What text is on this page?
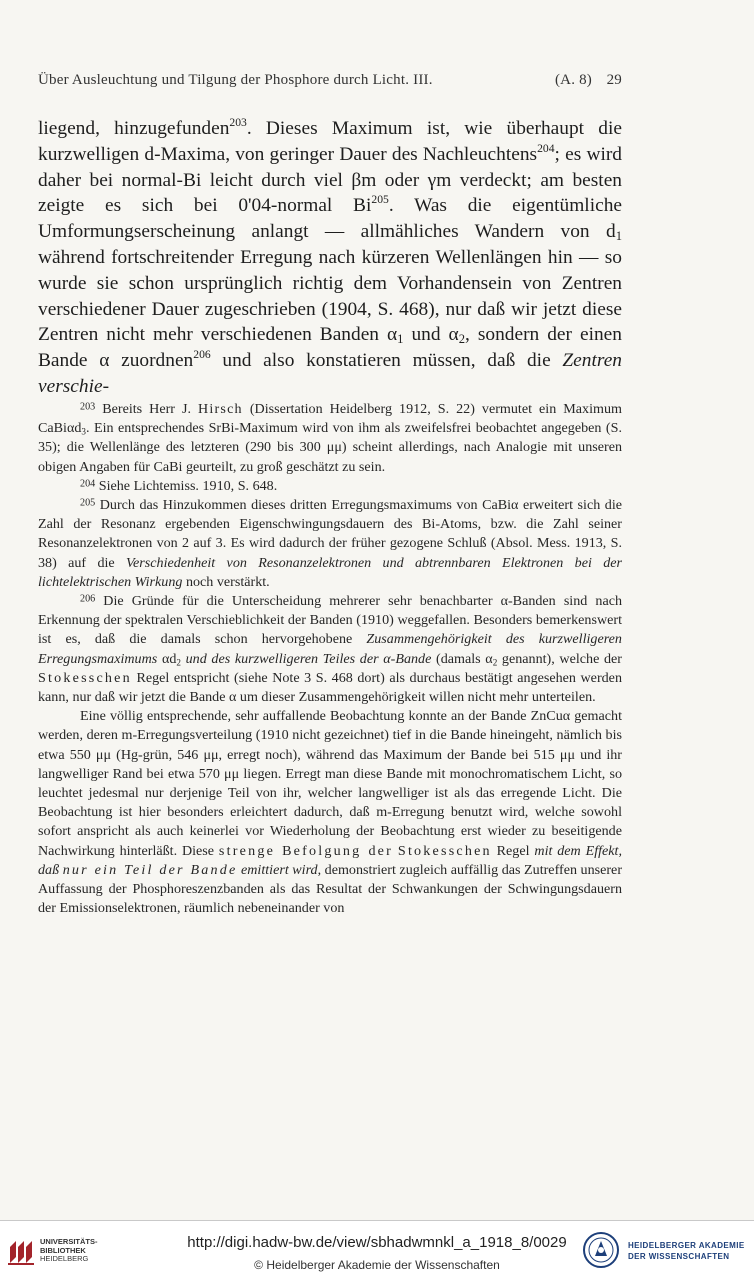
Über Ausleuchtung und Tilgung der Phosphore durch Licht. III.	(A. 8) 29

liegend, hinzugefunden$^{203}$. Dieses Maximum ist, wie überhaupt die kurzwelligen d-Maxima, von geringer Dauer des Nachleuchtens$^{204}$; es wird daher bei normal-Bi leicht durch viel βm oder γm verdeckt; am besten zeigte es sich bei 0'04-normal Bi$^{205}$. Was die eigentümliche Umformungserscheinung anlangt — allmähliches Wandern von $d_1$ während fortschreitender Erregung nach kürzeren Wellenlängen hin — so wurde sie schon ursprünglich richtig dem Vorhandensein von Zentren verschiedener Dauer zugeschrieben (1904, S. 468), nur daß wir jetzt diese Zentren nicht mehr verschiedenen Banden $\alpha_1$ und $\alpha_2$, sondern der einen Bande α zuordnen$^{206}$ und also konstatieren müssen, daß die Zentren verschie-

$^{203}$ Bereits Herr J. Hirsch (Dissertation Heidelberg 1912, S. 22) vermutet ein Maximum CaBiαd$_3$. Ein entsprechendes SrBi-Maximum wird von ihm als zweifelsfrei beobachtet angegeben (S. 35); die Wellenlänge des letzteren (290 bis 300 μμ) scheint allerdings, nach Analogie mit unseren obigen Angaben für CaBi geurteilt, zu groß geschätzt zu sein.

$^{204}$ Siehe Lichtemiss. 1910, S. 648.

$^{205}$ Durch das Hinzukommen dieses dritten Erregungsmaximums von CaBiα erweitert sich die Zahl der Resonanz ergebenden Eigenschwingungsdauern des Bi-Atoms, bzw. die Zahl seiner Resonanzelektronen von 2 auf 3. Es wird dadurch der früher gezogene Schluß (Absol. Mess. 1913, S. 38) auf die Verschiedenheit von Resonanzelektronen und abtrennbaren Elektronen bei der lichtelektrischen Wirkung noch verstärkt.

$^{206}$ Die Gründe für die Unterscheidung mehrerer sehr benachbarter α-Banden sind nach Erkennung der spektralen Verschieblichkeit der Banden (1910) weggefallen. Besonders bemerkenswert ist es, daß die damals schon hervorgehobene Zusammengehörigkeit des kurzwelligeren Erregungsmaximums $\alpha d_2$ und des kurzwelligeren Teiles der α-Bande (damals $\alpha_2$ genannt), welche der Stokesschen Regel entspricht (siehe Note 3 S. 468 dort) als durchaus bestätigt angesehen werden kann, nur daß wir jetzt die Bande α um dieser Zusammengehörigkeit willen nicht mehr unterteilen.

Eine völlig entsprechende, sehr auffallende Beobachtung konnte an der Bande ZnCuα gemacht werden, deren m-Erregungsverteilung (1910 nicht gezeichnet) tief in die Bande hineingeht, nämlich bis etwa 550 μμ (Hg-grün, 546 μμ, erregt noch), während das Maximum der Bande bei 515 μμ und ihr langwelliger Rand bei etwa 570 μμ liegen. Erregt man diese Bande mit monochromatischem Licht, so leuchtet jedesmal nur derjenige Teil von ihr, welcher langwelliger ist als das erregende Licht. Die Beobachtung ist hier besonders erleichtert dadurch, daß m-Erregung benutzt wird, welche sowohl sofort anspricht als auch keinerlei vor Wiederholung der Beobachtung erst wieder zu beseitigende Nachwirkung hinterläßt. Diese strenge Befolgung der Stokesschen Regel mit dem Effekt, daß nur ein Teil der Bande emittiert wird, demonstriert zugleich auffällig das Zutreffen unserer Auffassung der Phosphoreszenzbanden als das Resultat der Schwankungen der Schwingungsdauern der Emissionselektronen, räumlich nebeneinander von

UNIVERSITÄTS-
BIBLIOTHEK
HEIDELBERG
http://digi.hadw-bw.de/view/sbhadwmnkl_a_1918_8/0029
© Heidelberger Akademie der Wissenschaften
HEIDELBERGER AKADEMIE
DER WISSENSCHAFTEN
